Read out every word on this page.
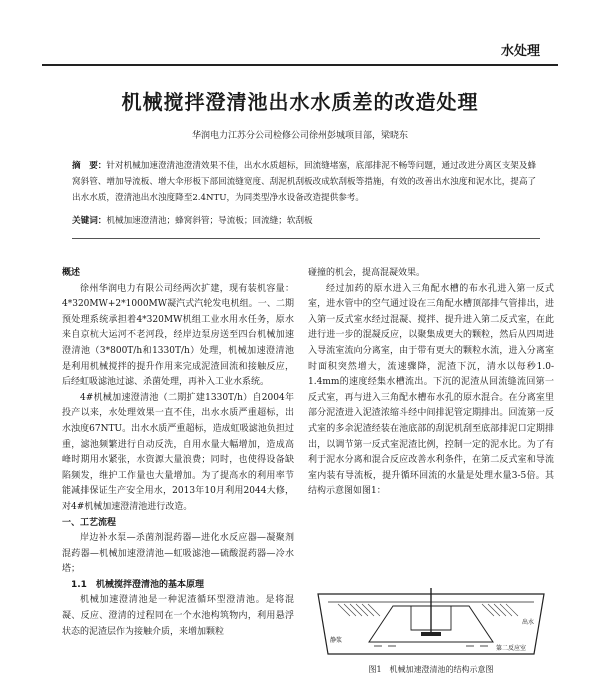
水处理
机械搅拌澄清池出水水质差的改造处理
华润电力江苏分公司检修公司徐州彭城项目部，梁晓东
摘　要：针对机械加速澄清池澄清效果不佳，出水水质超标，回流缝堵塞，底部排泥不畅等问题，通过改进分离区支架及蜂窝斜管、增加导流板、增大伞形板下部回流缝宽度、刮泥机刮板改成软刮板等措施，有效的改善出水浊度和泥水比，提高了出水水质，澄清池出水浊度降至2.4NTU，为同类型净水设备改造提供参考。
关键词：机械加速澄清池；蜂窝斜管；导流板；回流缝；软刮板
概述

徐州华润电力有限公司经两次扩建，现有装机容量：4*320MW+2*1000MW凝汽式汽轮发电机组。一、二期预处理系统承担着4*320MW机组工业水用水任务，原水来自京杭大运河不老河段，经岸边泵房送至四台机械加速澄清池（3*800T/h和1330T/h）处理，机械加速澄清池是利用机械搅拌的提升作用来完成泥渣回流和接触反应，后经虹吸滤池过滤、杀菌处理，再补入工业水系统。

4#机械加速澄清池（二期扩建1330T/h）自2004年投产以来，水处理效果一直不佳，出水水质严重超标，出水浊度67NTU。出水水质严重超标，造成虹吸滤池负担过重，滤池频繁进行自动反洗，自用水量大幅增加，造成高峰时期用水紧张，水资源大量浪费；同时，也使得设备缺陷频发，维护工作量也大量增加。为了提高水的利用率节能减排保证生产安全用水，2013年10月利用2044大修，对4#机械加速澄清池进行改造。

一、工艺流程

岸边补水泵—杀菌剂混药器—进化水反应器—凝聚剂混药器—机械加速澄清池—虹吸滤池—硫酸混药器—冷水塔；

1.1　机械搅拌澄清池的基本原理

机械加速澄清池是一种泥渣循环型澄清池。是将混凝、反应、澄清的过程同在一个水池构筑物内，利用悬浮状态的泥渣层作为接触介质，来增加颗粒

碰撞的机会，提高混凝效果。

经过加药的原水进入三角配水槽的布水孔进入第一反式室，进水管中的空气通过设在三角配水槽顶部排气管排出，进入第一反式室水经过混凝、搅拌、提升进入第二反式室，在此进行进一步的混凝反应，以聚集成更大的颗粒，然后从四周进入导流室流向分离室，由于带有更大的颗粒水流，进入分离室时面积突然增大，流速骤降，泥渣下沉，清水以每秒1.0-1.4mm的速度经集水槽流出。下沉的泥渣从回流缝流回第一反式室，再与进入三角配水槽布水孔的原水混合。在分离室里部分泥渣进入泥渣浓缩斗经中间排泥管定期排出。回流第一反式室的多余泥渣经装在池底部的刮泥机刮至底部排泥口定期排出，以调节第一反式室泥渣比例，控制一定的泥水比。为了有利于泥水分离和混合反应改善水利条件，在第二反式室和导流室内装有导流板，提升循环回流的水量是处理水量3-5倍。其结构示意图如图1：

静浆
出水
第二反应室
图1　机械加速澄清池的结构示意图
